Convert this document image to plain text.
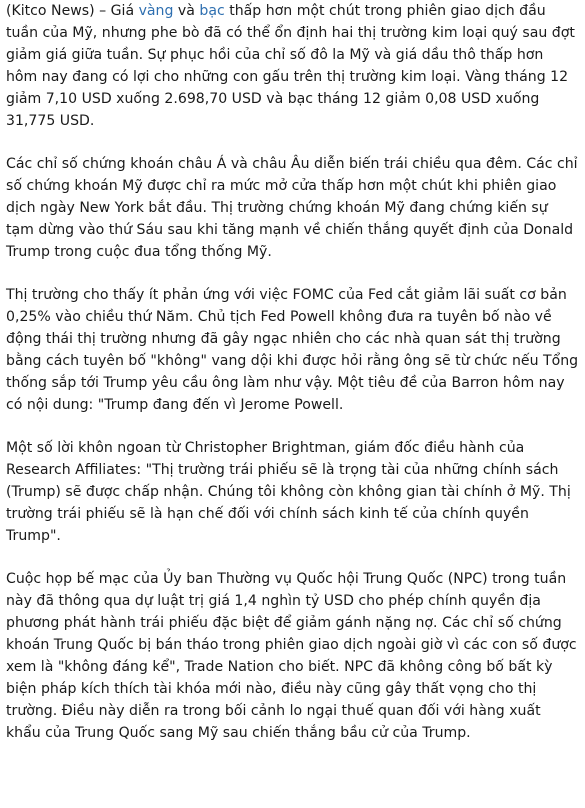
(Kitco News) – Giá vàng và bạc thấp hơn một chút trong phiên giao dịch đầu tuần của Mỹ, nhưng phe bò đã có thể ổn định hai thị trường kim loại quý sau đợt giảm giá giữa tuần. Sự phục hồi của chỉ số đô la Mỹ và giá dầu thô thấp hơn hôm nay đang có lợi cho những con gấu trên thị trường kim loại. Vàng tháng 12 giảm 7,10 USD xuống 2.698,70 USD và bạc tháng 12 giảm 0,08 USD xuống 31,775 USD.

Các chỉ số chứng khoán châu Á và châu Âu diễn biến trái chiều qua đêm. Các chỉ số chứng khoán Mỹ được chỉ ra mức mở cửa thấp hơn một chút khi phiên giao dịch ngày New York bắt đầu. Thị trường chứng khoán Mỹ đang chứng kiến sự tạm dừng vào thứ Sáu sau khi tăng mạnh về chiến thắng quyết định của Donald Trump trong cuộc đua tổng thống Mỹ.

Thị trường cho thấy ít phản ứng với việc FOMC của Fed cắt giảm lãi suất cơ bản 0,25% vào chiều thứ Năm. Chủ tịch Fed Powell không đưa ra tuyên bố nào về động thái thị trường nhưng đã gây ngạc nhiên cho các nhà quan sát thị trường bằng cách tuyên bố "không" vang dội khi được hỏi rằng ông sẽ từ chức nếu Tổng thống sắp tới Trump yêu cầu ông làm như vậy. Một tiêu đề của Barron hôm nay có nội dung: "Trump đang đến vì Jerome Powell.

Một số lời khôn ngoan từ Christopher Brightman, giám đốc điều hành của Research Affiliates: "Thị trường trái phiếu sẽ là trọng tài của những chính sách (Trump) sẽ được chấp nhận. Chúng tôi không còn không gian tài chính ở Mỹ. Thị trường trái phiếu sẽ là hạn chế đối với chính sách kinh tế của chính quyền Trump".

Cuộc họp bế mạc của Ủy ban Thường vụ Quốc hội Trung Quốc (NPC) trong tuần này đã thông qua dự luật trị giá 1,4 nghìn tỷ USD cho phép chính quyền địa phương phát hành trái phiếu đặc biệt để giảm gánh nặng nợ. Các chỉ số chứng khoán Trung Quốc bị bán tháo trong phiên giao dịch ngoài giờ vì các con số được xem là "không đáng kể", Trade Nation cho biết. NPC đã không công bố bất kỳ biện pháp kích thích tài khóa mới nào, điều này cũng gây thất vọng cho thị trường. Điều này diễn ra trong bối cảnh lo ngại thuế quan đối với hàng xuất khẩu của Trung Quốc sang Mỹ sau chiến thắng bầu cử của Trump.
